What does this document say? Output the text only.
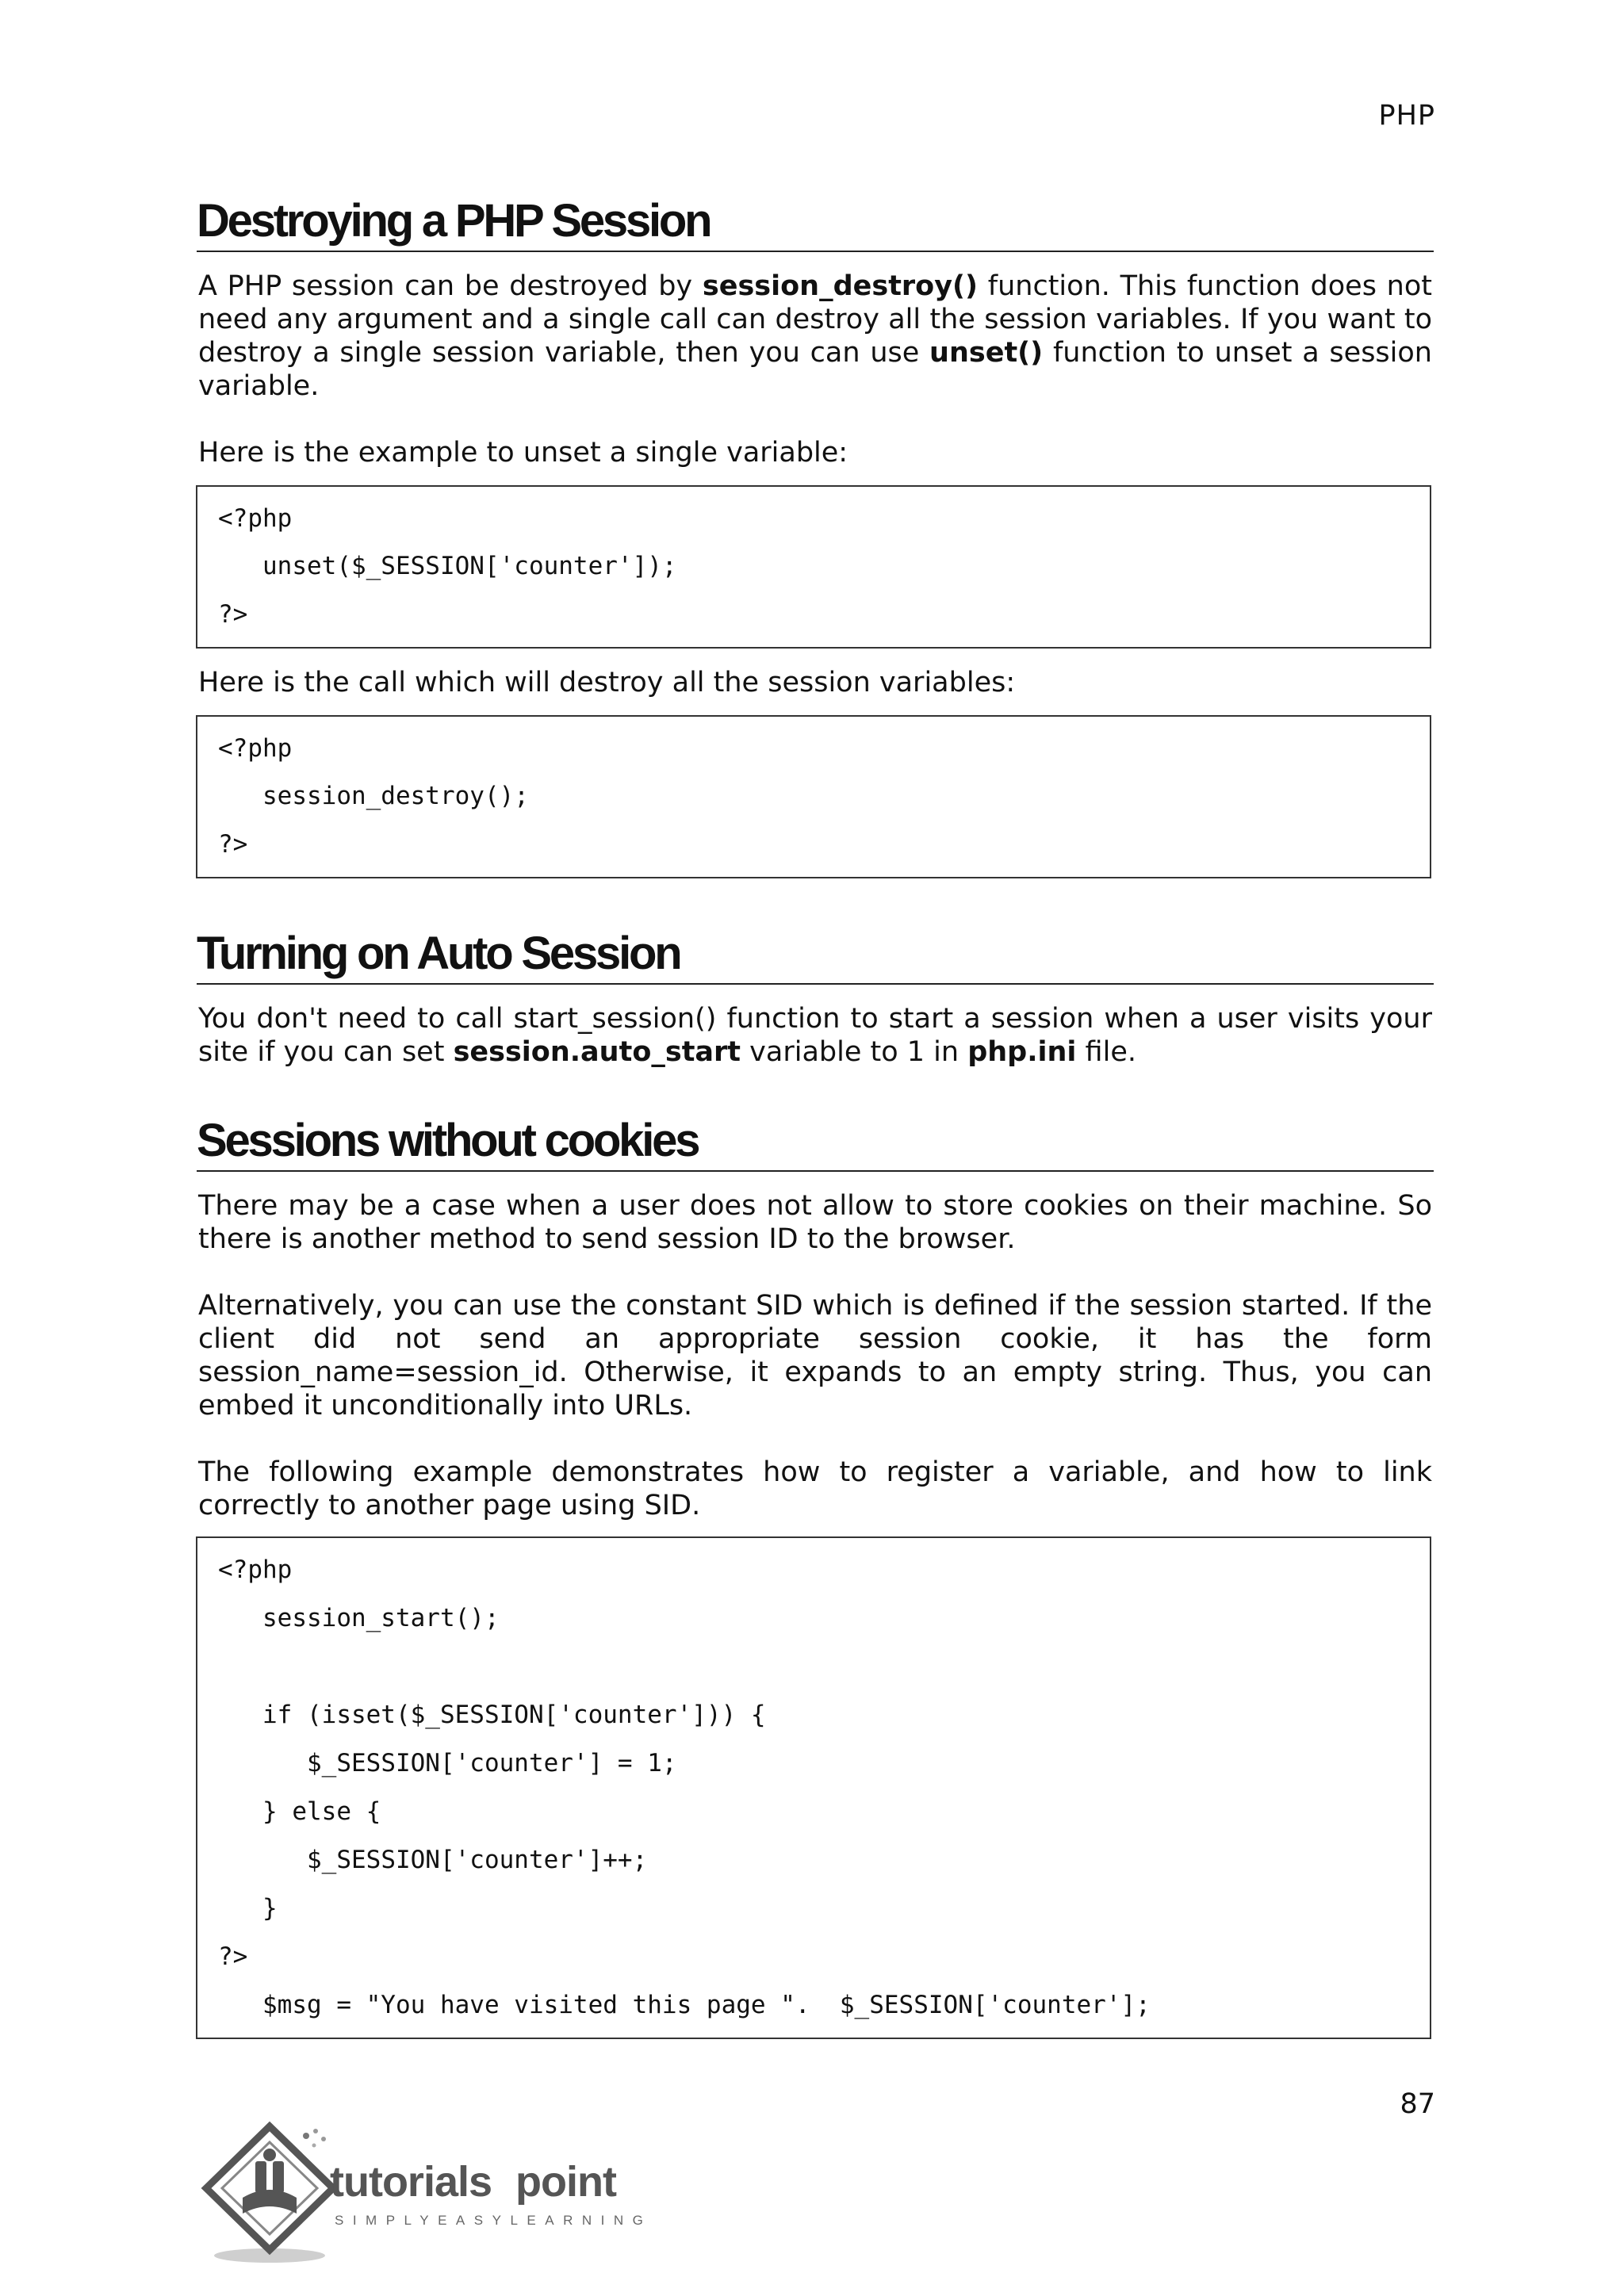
PHP
Destroying a PHP Session
A PHP session can be destroyed by session_destroy() function. This function does not need any argument and a single call can destroy all the session variables. If you want to destroy a single session variable, then you can use unset() function to unset a session variable.
Here is the example to unset a single variable:
<?php
unset($_SESSION['counter']);
?>
Here is the call which will destroy all the session variables:
<?php
session_destroy();
?>
Turning on Auto Session
You don't need to call start_session() function to start a session when a user visits your site if you can set session.auto_start variable to 1 in php.ini file.
Sessions without cookies
There may be a case when a user does not allow to store cookies on their machine. So there is another method to send session ID to the browser.
Alternatively, you can use the constant SID which is defined if the session started. If the client did not send an appropriate session cookie, it has the form session_name=session_id. Otherwise, it expands to an empty string. Thus, you can embed it unconditionally into URLs.
The following example demonstrates how to register a variable, and how to link correctly to another page using SID.
<?php
session_start();
if (isset($_SESSION['counter'])) {
$_SESSION['counter'] = 1;
} else {
$_SESSION['counter']++;
}
?>
$msg = "You have visited this page ".  $_SESSION['counter'];
87
tutorials point
SIMPLYEASYLEARNING
